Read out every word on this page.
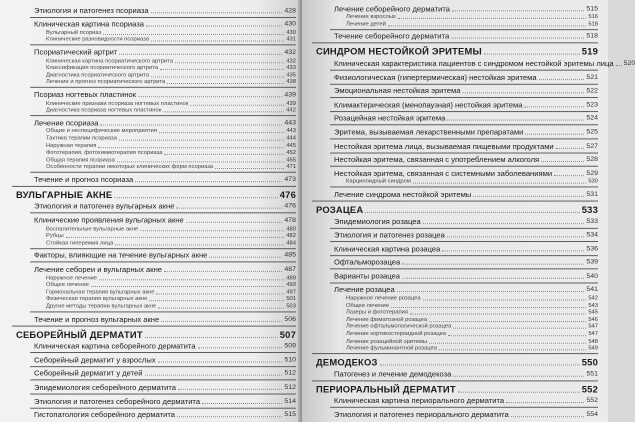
Этиология и патогенез псориаза	428
Клиническая картина псориаза	430
Вульгарный псориаз	430
Клинические разновидности псориаза	431
Псориатический артрит	432
Клиническая картина псориатического артрита	432
Классификация псориатического артрита	433
Диагностика псориатического артрита	435
Лечение и прогноз псориатического артрита	438
Псориаз ногтевых пластинок	439
Клинические признаки псориаза ногтевых пластинок	439
Диагностика псориаза ногтевых пластинок	442
Лечение псориаза	443
Общие и неспецифические мероприятия	443
Тактика терапии псориаза	444
Наружная терапия	445
Фототерапия, фотохимиотерапия псориаза	452
Общая терапия псориаза	455
Особенности терапии некоторых клинических форм псориаза	471
Течение и прогноз псориаза	473
ВУЛЬГАРНЫЕ АКНЕ	476
Этиология и патогенез вульгарных акне	476
Клинические проявления вульгарных акне	478
Воспалительные вульгарные акне	480
Рубцы	482
Стойкая гиперемия лица	484
Факторы, влияющие на течение вульгарных акне	485
Лечение себореи и вульгарных акне	487
Наружное лечение	489
Общее лечение	493
Гормональная терапия вульгарных акне	497
Физическая терапия вульгарных акне	501
Другие методы терапии вульгарных акне	503
Течение и прогноз вульгарных акне	506
СЕБОРЕЙНЫЙ ДЕРМАТИТ	507
Клиническая картина себорейного дерматита	509
Себорейный дерматит у взрослых	510
Себорейный дерматит у детей	512
Эпидемиология себорейного дерматита	512
Этиология и патогенез себорейного дерматита	514
Гистопатология себорейного дерматита	515
Лечение себорейного дерматита	515
Лечение взрослых	516
Лечение детей	518
Течение себорейного дерматита	518
СИНДРОМ НЕСТОЙКОЙ ЭРИТЕМЫ	519
Клиническая характеристика пациентов с синдромом нестойкой эритемы лица 520
Физиологическая (гипертермическая) нестойкая эритема	521
Эмоциональная нестойкая эритема	522
Климактерическая (менопаузная) нестойкая эритема	523
Розацейная нестойкая эритема	524
Эритема, вызываемая лекарственными препаратами	525
Нестойкая эритема лица, вызываемая пищевыми продуктами	527
Нестойкая эритема, связанная с употреблением алкоголя	528
Нестойкая эритема, связанная с системными заболеваниями	529
Карциноидный синдром	530
Лечение синдрома нестойкой эритемы	531
РОЗАЦЕА	533
Эпидемиология розацеа	533
Этиология и патогенез розацеа	534
Клиническая картина розацеа	536
Офтальморозацеа	539
Варианты розацеа	540
Лечение розацеа	541
Наружное лечение розацеа	542
Общее лечение	543
Лазеры и фототерапия	545
Лечение фиматозной розацеа	546
Лечение офтальмологической розацеа	547
Лечение кортикостероидной розацеа	547
Лечение розацейной эритемы	548
Лечение фульминантной розацеа	549
ДЕМОДЕКОЗ	550
Патогенез и лечение демодекоза	551
ПЕРИОРАЛЬНЫЙ ДЕРМАТИТ	552
Клиническая картина периорального дерматита	552
Этиология и патогенез периорального дерматита	554
